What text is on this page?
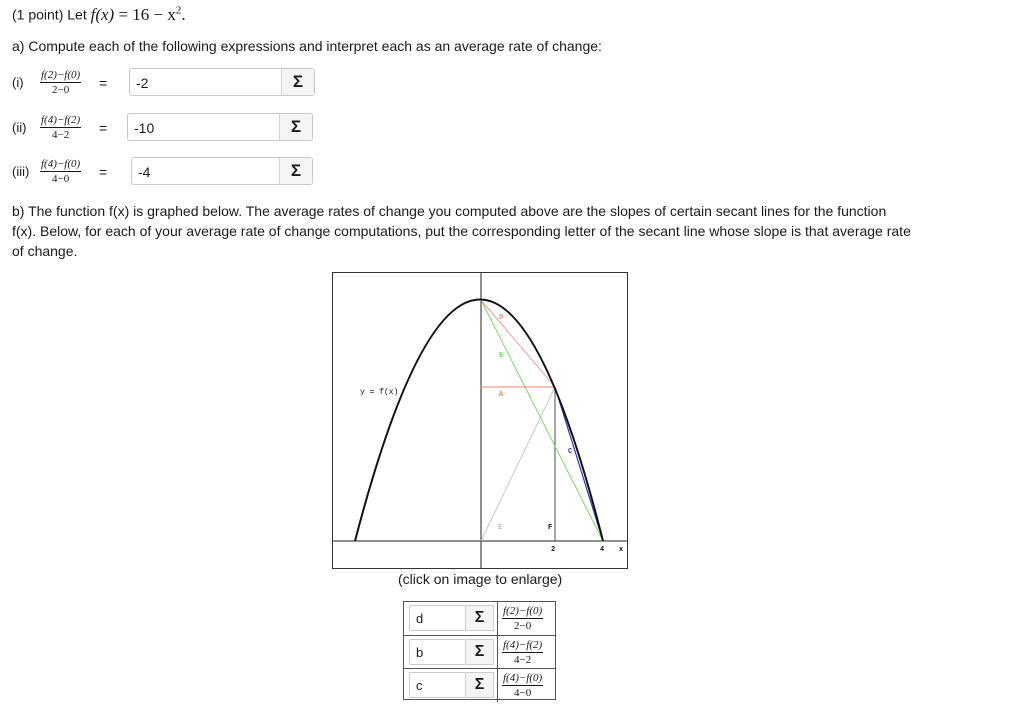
(1 point) Let $f(x) = 16 - x^2$.
a) Compute each of the following expressions and interpret each as an average rate of change:
$(i) \frac{f(2)-f(0)}{2-0} = -2$	Σ
$(ii) \frac{f(4)-f(2)}{4-2} = -10$	Σ
$(iii) \frac{f(4)-f(0)}{4-0} = -4$	Σ
b) The function f(x) is graphed below. The average rates of change you computed above are the slopes of certain secant lines for the function f(x). Below, for each of your average rate of change computations, put the corresponding letter of the secant line whose slope is that average rate of change.
y = f(x)
D
B
A
C
E	F
2	4 x
(click on image to enlarge)
d	Σ	$\frac{f(2)-f(0)}{2-0}$
b	Σ	$\frac{f(4)-f(2)}{4-2}$
c	Σ	$\frac{f(4)-f(0)}{4-0}$
